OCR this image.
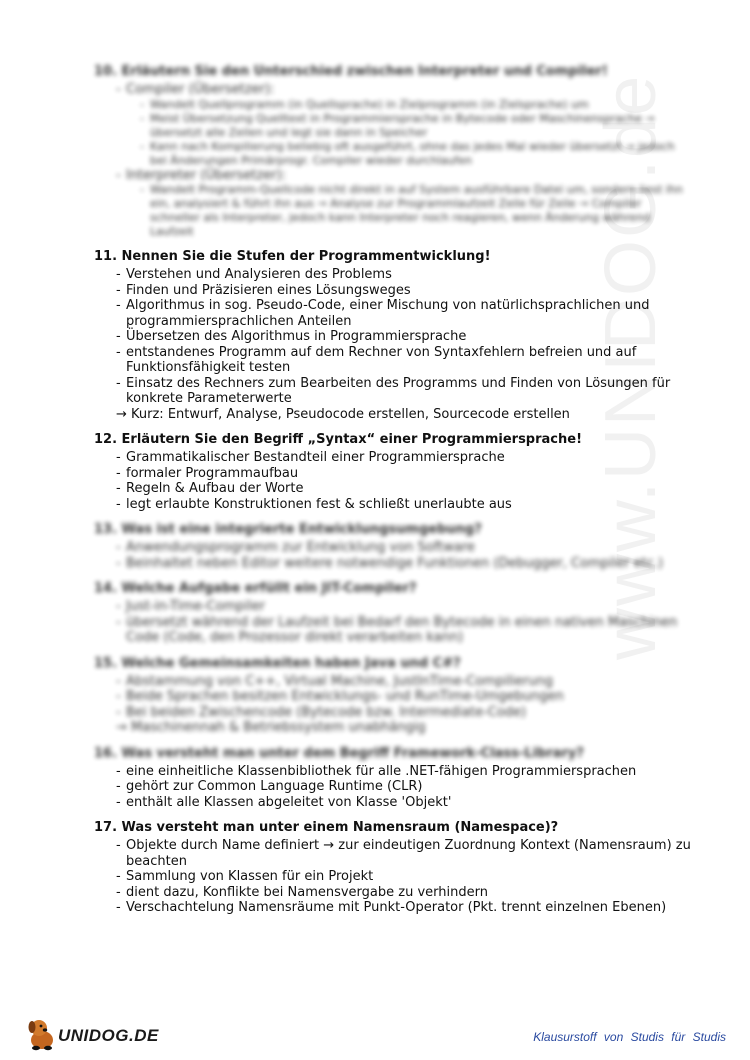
www.UNIDOG.de
10. Erläutern Sie den Unterschied zwischen Interpreter und Compiler!
- Compiler (Übersetzer):
- Wandelt Quellprogramm (in Quellsprache) in Zielprogramm (in Zielsprache) um
- Meist Übersetzung Quelltext in Programmiersprache in Bytecode oder Maschinensprache → übersetzt alle Zeilen und legt sie dann in Speicher
- Kann nach Kompilierung beliebig oft ausgeführt, ohne das jedes Mal wieder übersetzt → jedoch bei Änderungen Primärprogr. Compiler wieder durchlaufen
- Interpreter (Übersetzer):
- Wandelt Programm-Quellcode nicht direkt in auf System ausführbare Datei um, sondern liest ihn ein, analysiert & führt ihn aus → Analyse zur Programmlaufzeit Zeile für Zeile → Compiler schneller als Interpreter, jedoch kann Interpreter noch reagieren, wenn Änderung während Laufzeit
11. Nennen Sie die Stufen der Programmentwicklung!
- Verstehen und Analysieren des Problems
- Finden und Präzisieren eines Lösungsweges
- Algorithmus in sog. Pseudo-Code, einer Mischung von natürlichsprachlichen und programmiersprachlichen Anteilen
- Übersetzen des Algorithmus in Programmiersprache
- entstandenes Programm auf dem Rechner von Syntaxfehlern befreien und auf Funktionsfähigkeit testen
- Einsatz des Rechners zum Bearbeiten des Programms und Finden von Lösungen für konkrete Parameterwerte
→ Kurz: Entwurf, Analyse, Pseudocode erstellen, Sourcecode erstellen
12. Erläutern Sie den Begriff „Syntax“ einer Programmiersprache!
- Grammatikalischer Bestandteil einer Programmiersprache
- formaler Programmaufbau
- Regeln & Aufbau der Worte
- legt erlaubte Konstruktionen fest & schließt unerlaubte aus
13. Was ist eine integrierte Entwicklungsumgebung?
- Anwendungsprogramm zur Entwicklung von Software
- Beinhaltet neben Editor weitere notwendige Funktionen (Debugger, Compiler etc.)
14. Welche Aufgabe erfüllt ein JIT-Compiler?
- Just-in-Time-Compiler
- übersetzt während der Laufzeit bei Bedarf den Bytecode in einen nativen Maschinen Code (Code, den Prozessor direkt verarbeiten kann)
15. Welche Gemeinsamkeiten haben Java und C#?
- Abstammung von C++, Virtual Machine, JustInTime-Compilierung
- Beide Sprachen besitzen Entwicklungs- und RunTime-Umgebungen
- Bei beiden Zwischencode (Bytecode bzw. Intermediate-Code)
→ Maschinennah & Betriebssystem unabhängig
16. Was versteht man unter dem Begriff Framework-Class-Library?
- eine einheitliche Klassenbibliothek für alle .NET-fähigen Programmiersprachen
- gehört zur Common Language Runtime (CLR)
- enthält alle Klassen abgeleitet von Klasse 'Objekt'
17. Was versteht man unter einem Namensraum (Namespace)?
- Objekte durch Name definiert → zur eindeutigen Zuordnung Kontext (Namensraum) zu beachten
- Sammlung von Klassen für ein Projekt
- dient dazu, Konflikte bei Namensvergabe zu verhindern
- Verschachtelung Namensräume mit Punkt-Operator (Pkt. trennt einzelnen Ebenen)
UNIDOG.DE	Klausurstoff von Studis für Studis
